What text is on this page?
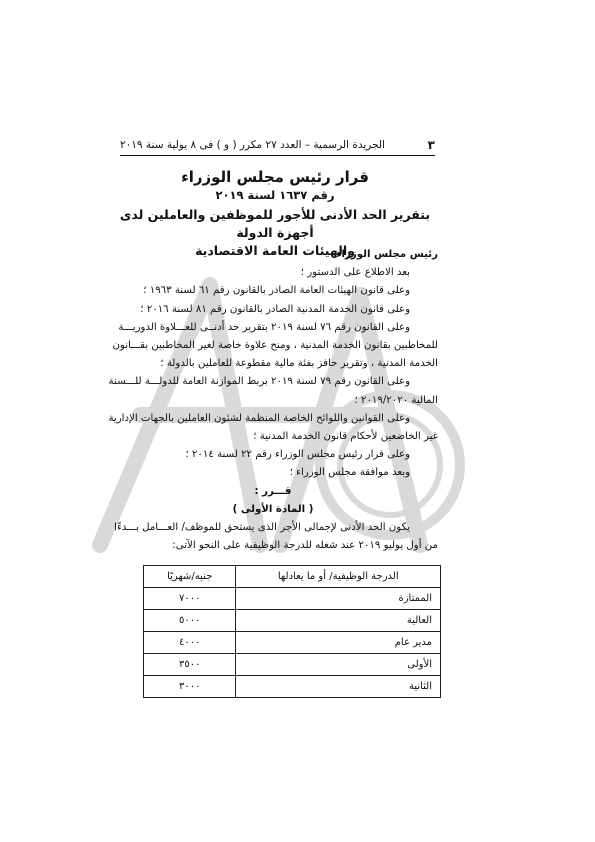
٣
الجريدة الرسمية – العدد ٢٧ مكرر ( و ) فى ٨ يولية سنة ٢٠١٩
قرار رئيس مجلس الوزراء
رقم ١٦٣٧ لسنة ٢٠١٩
بتقرير الحد الأدنى للأجور للموظفين والعاملين لدى أجهزة الدولة
والهيئات العامة الاقتصادية

رئيس مجلس الوزراء

بعد الاطلاع على الدستور ؛

وعلى قانون الهيئات العامة الصادر بالقانون رقم ٦١ لسنة ١٩٦٣ ؛

وعلى قانون الخدمة المدنية الصادر بالقانون رقم ٨١ لسنة ٢٠١٦ ؛

وعلى القانون رقم ٧٦ لسنة ٢٠١٩ بتقرير حد أدنــى للعـــلاوة الدوريـــة

للمخاطبين بقانون الخدمة المدنية ، ومنح علاوة خاصة لغير المخاطبين بقـــانون

الخدمة المدنية ، وتقرير حافز بفئة مالية مقطوعة للعاملين بالدولة ؛

وعلى القانون رقم ٧٩ لسنة ٢٠١٩ بربط الموازنة العامة للدولـــة للـــسنة

المالية ٢٠١٩/٢٠٢٠ ؛

وعلى القوانين واللوائح الخاصة المنظمة لشئون العاملين بالجهات الإدارية

غير الخاضعين لأحكام قانون الخدمة المدنية ؛

وعلى قرار رئيس مجلس الوزراء رقم ٢٢ لسنة ٢٠١٤ ؛

وبعد موافقة مجلس الوزراء ؛

قـــرر :

( المادة الأولى )

يكون الحد الأدنى لإجمالى الأجر الذى يستحق للموظف/ العـــامل بـــدءًا

من أول يوليو ٢٠١٩ عند شغله للدرجة الوظيفية على النحو الآتى:

الدرجة الوظيفية/ أو ما يعادلها	جنيه/شهريًا
الممتازة	٧٠٠٠
العالية	٥٠٠٠
مدير عام	٤٠٠٠
الأولى	٣٥٠٠
الثانية	٣٠٠٠
